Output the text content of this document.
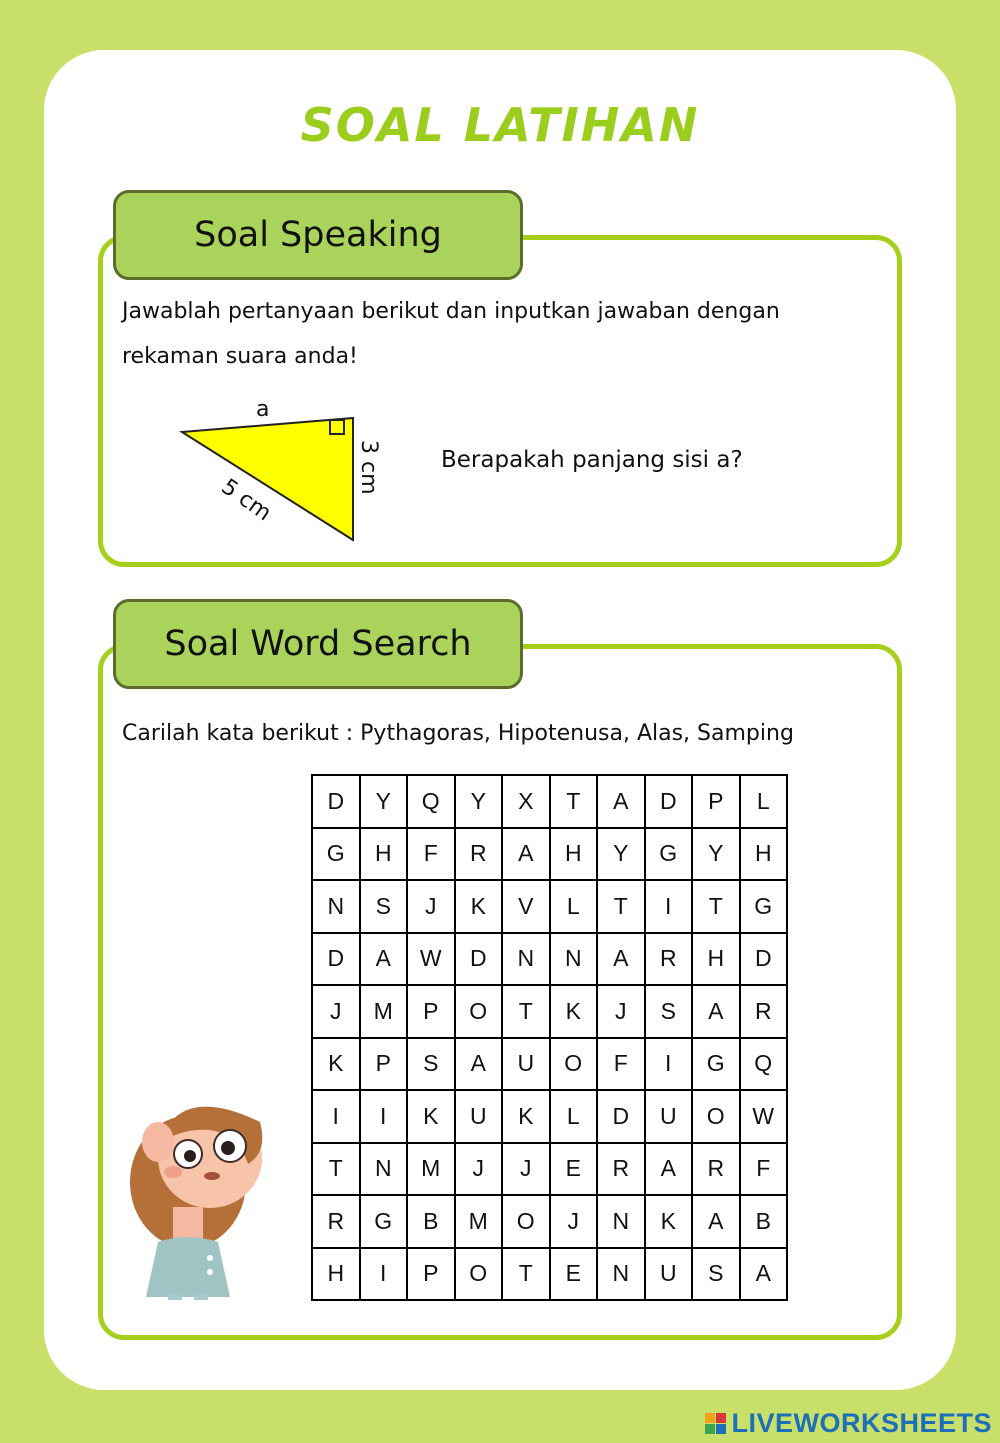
SOAL LATIHAN
Soal Speaking
Jawablah pertanyaan berikut dan inputkan jawaban dengan
rekaman suara anda!
a
3 cm
5 cm
Berapakah panjang sisi a?
Soal Word Search
Carilah kata berikut : Pythagoras, Hipotenusa, Alas, Samping
D	Y	Q	Y	X	T	A	D	P	L
G	H	F	R	A	H	Y	G	Y	H
N	S	J	K	V	L	T	I	T	G
D	A	W	D	N	N	A	R	H	D
J	M	P	O	T	K	J	S	A	R
K	P	S	A	U	O	F	I	G	Q
I	I	K	U	K	L	D	U	O	W
T	N	M	J	J	E	R	A	R	F
R	G	B	M	O	J	N	K	A	B
H	I	P	O	T	E	N	U	S	A
LIVEWORKSHEETS
